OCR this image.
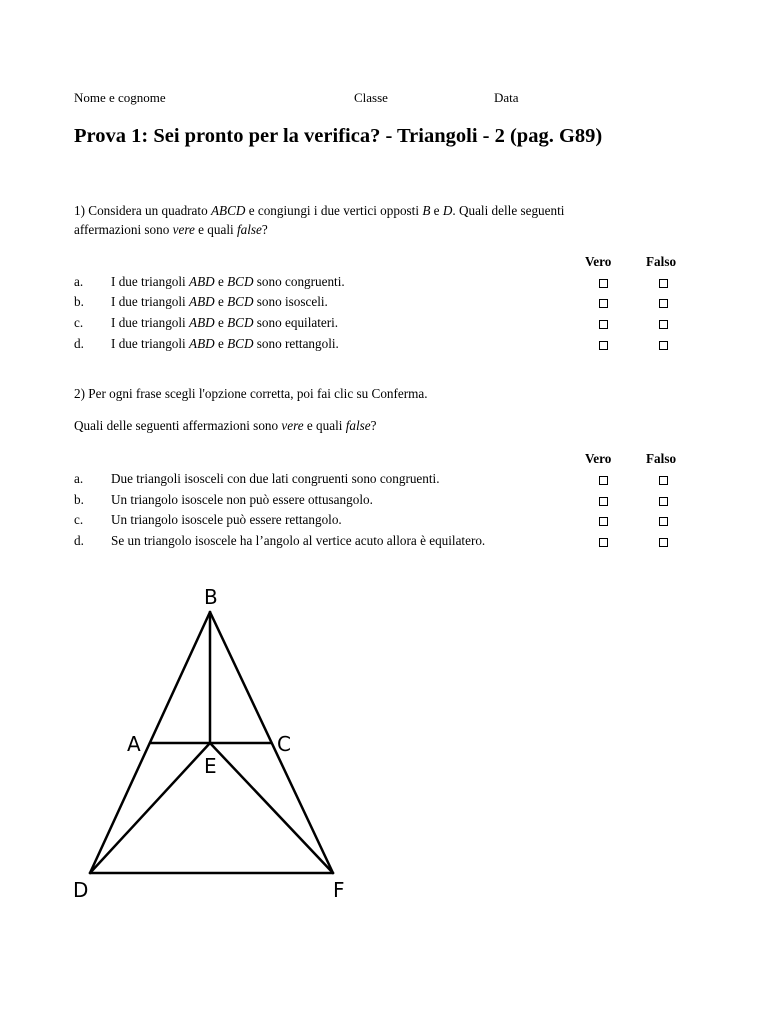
Nome e cognome	Classe	Data
Prova 1: Sei pronto per la verifica? - Triangoli - 2 (pag. G89)
1) Considera un quadrato ABCD e congiungi i due vertici opposti B e D. Quali delle seguenti
affermazioni sono vere e quali false?
Vero	Falso
a. I due triangoli ABD e BCD sono congruenti.
b. I due triangoli ABD e BCD sono isosceli.
c. I due triangoli ABD e BCD sono equilateri.
d. I due triangoli ABD e BCD sono rettangoli.
2) Per ogni frase scegli l'opzione corretta, poi fai clic su Conferma.
Quali delle seguenti affermazioni sono vere e quali false?
Vero	Falso
a. Due triangoli isosceli con due lati congruenti sono congruenti.
b. Un triangolo isoscele non può essere ottusangolo.
c. Un triangolo isoscele può essere rettangolo.
d. Se un triangolo isoscele ha l’angolo al vertice acuto allora è equilatero.
B
A	C
E
D	F
